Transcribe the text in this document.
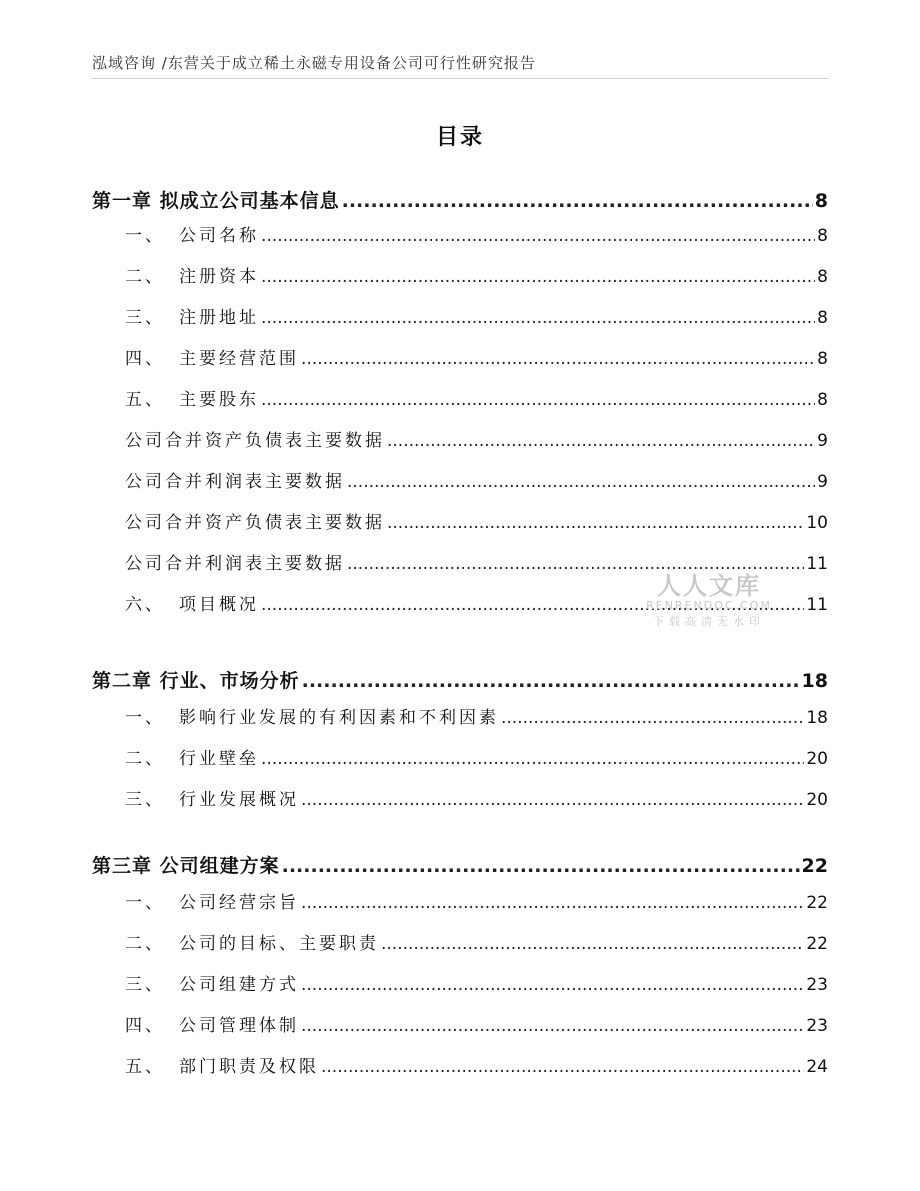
泓域咨询 /东营关于成立稀土永磁专用设备公司可行性研究报告
目录
第一章 拟成立公司基本信息 .....	8
一、 公司名称 .....	8
二、 注册资本 .....	8
三、 注册地址 .....	8
四、 主要经营范围 .....	8
五、 主要股东 .....	8
公司合并资产负债表主要数据 .....	9
公司合并利润表主要数据 .....	9
公司合并资产负债表主要数据 .....	10
公司合并利润表主要数据 .....	11
六、 项目概况 .....	11
第二章 行业、市场分析 .....	18
一、 影响行业发展的有利因素和不利因素 .....	18
二、 行业壁垒 .....	20
三、 行业发展概况 .....	20
第三章 公司组建方案 .....	22
一、 公司经营宗旨 .....	22
二、 公司的目标、主要职责 .....	22
三、 公司组建方式 .....	23
四、 公司管理体制 .....	23
五、 部门职责及权限 .....	24
人人文库
RENRENDOC.COM
下载高清无水印
